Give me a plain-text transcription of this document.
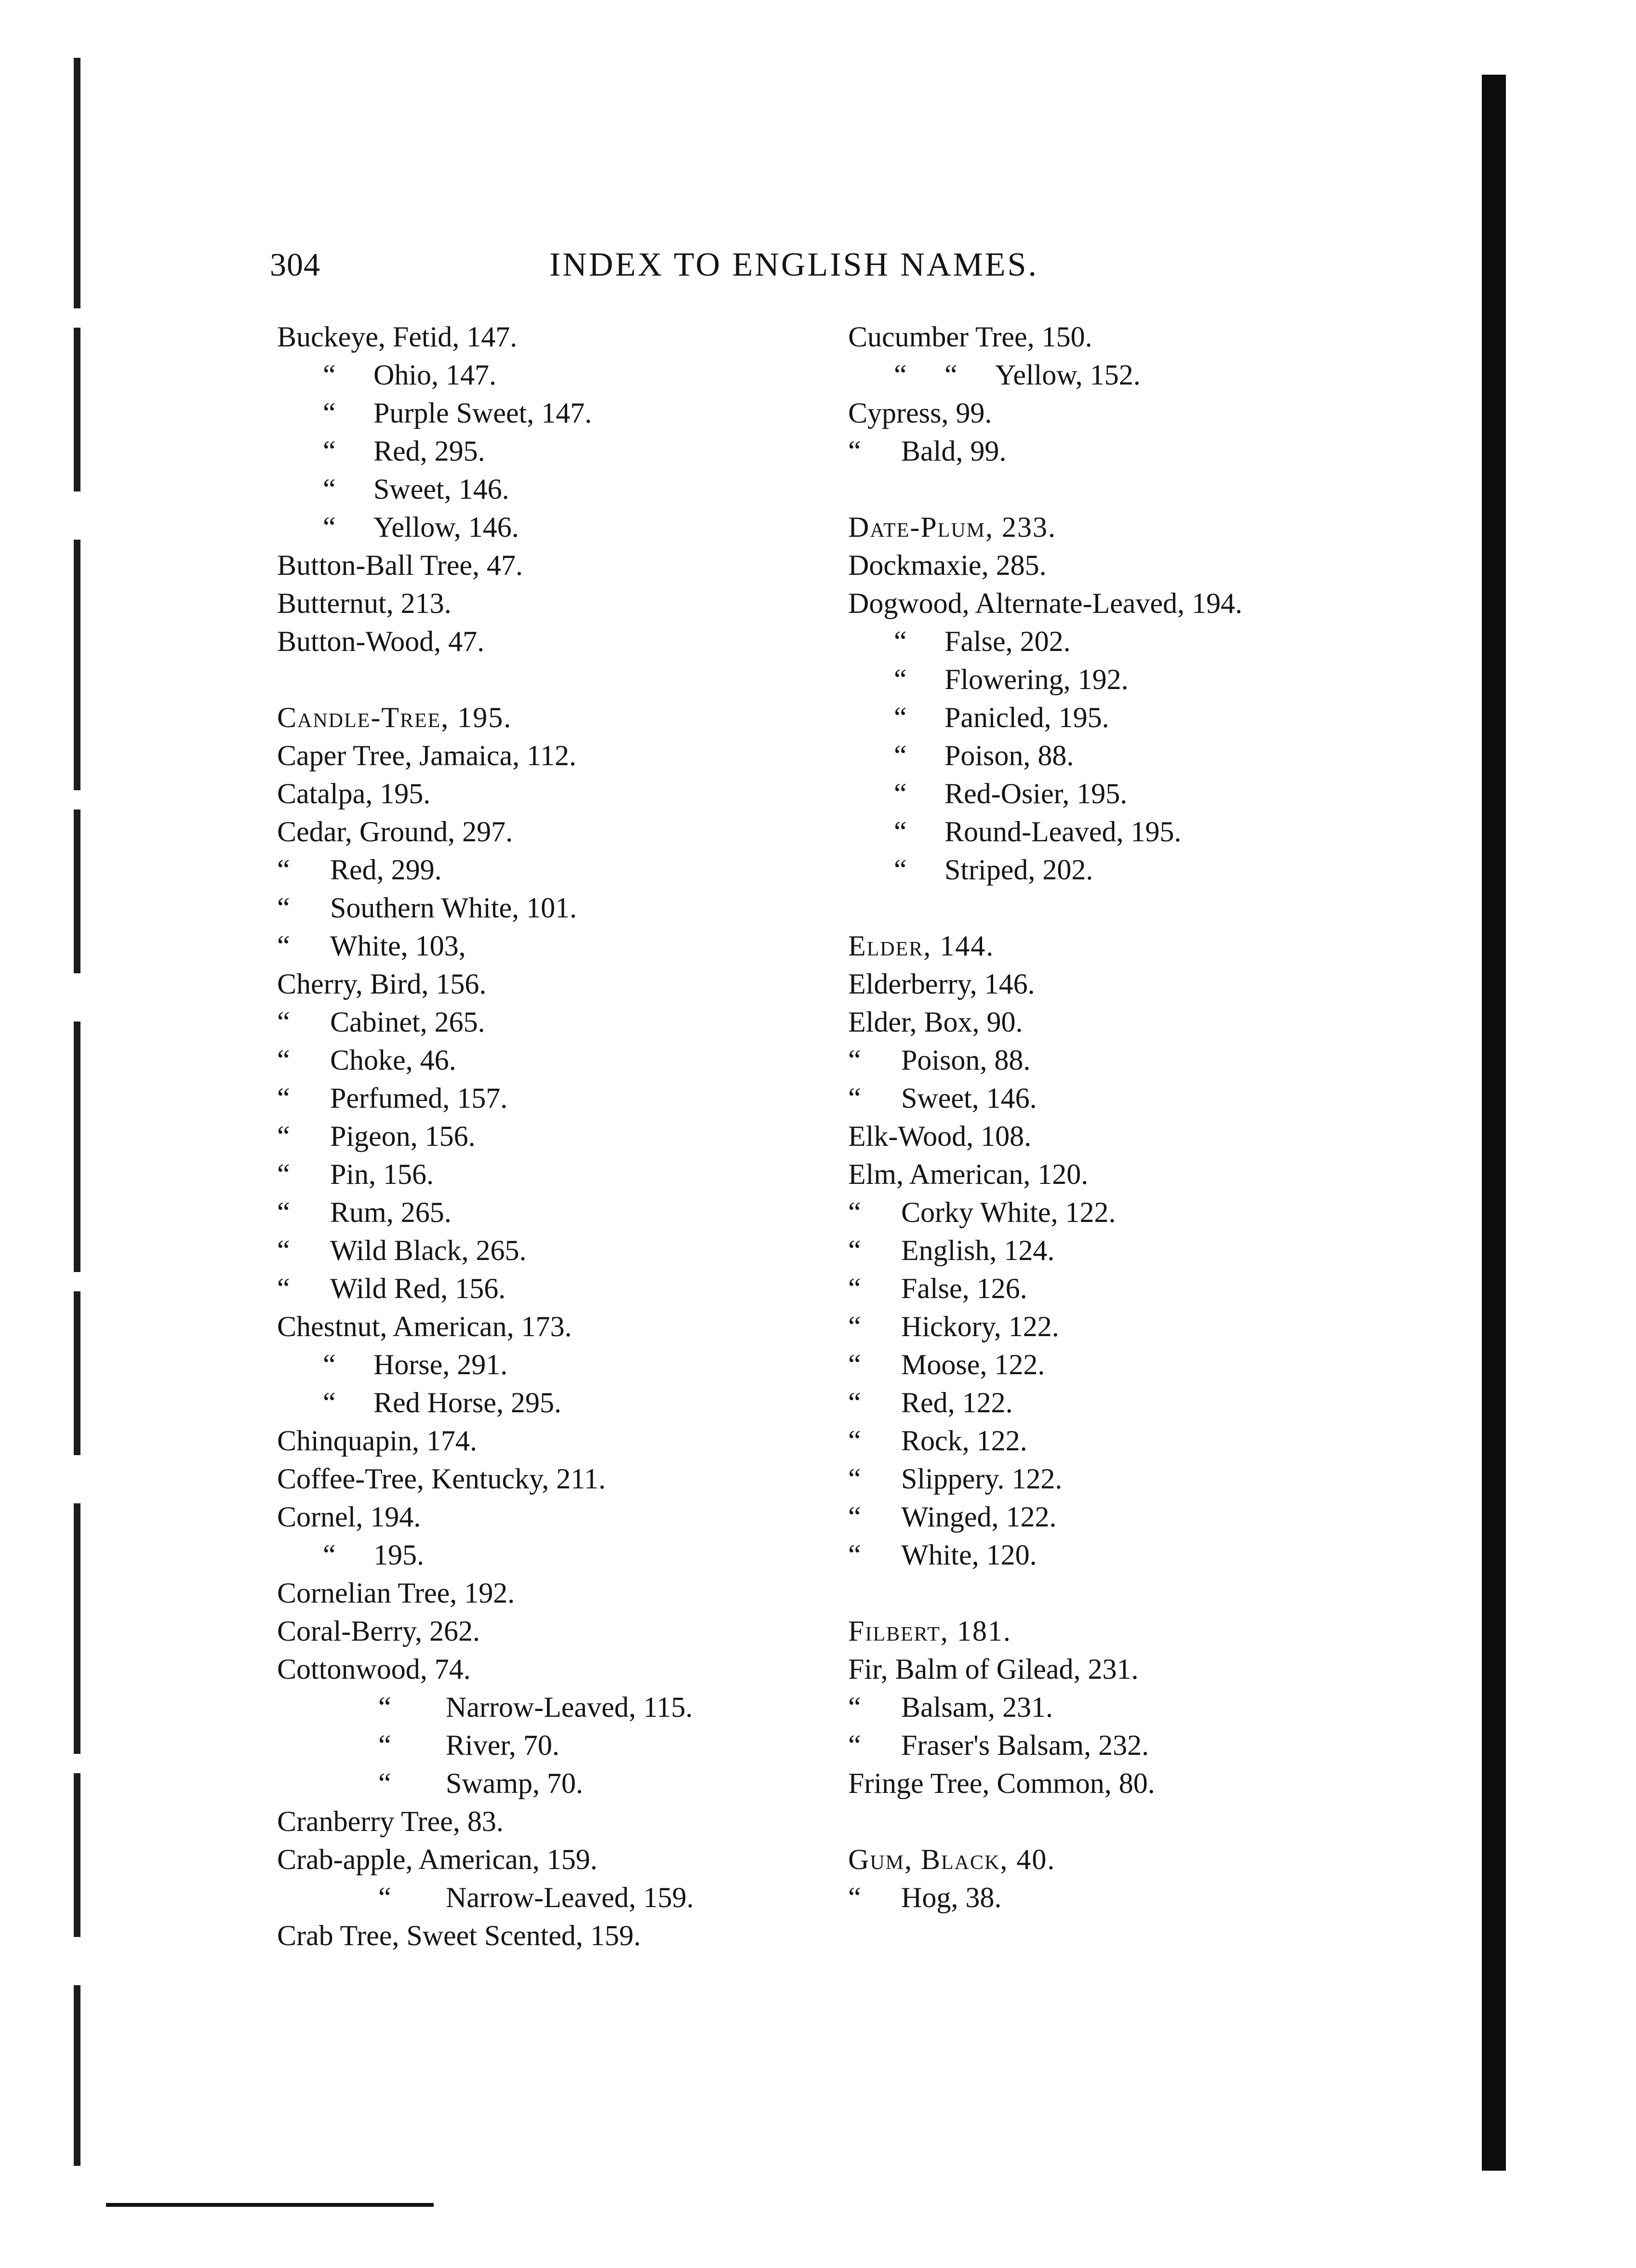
304	INDEX TO ENGLISH NAMES.
Buckeye, Fetid, 147.
“ Ohio, 147.
“ Purple Sweet, 147.
“ Red, 295.
“ Sweet, 146.
“ Yellow, 146.
Button-Ball Tree, 47.
Butternut, 213.
Button-Wood, 47.
Candle-Tree, 195.
Caper Tree, Jamaica, 112.
Catalpa, 195.
Cedar, Ground, 297.
“ Red, 299.
“ Southern White, 101.
“ White, 103,
Cherry, Bird, 156.
“ Cabinet, 265.
“ Choke, 46.
“ Perfumed, 157.
“ Pigeon, 156.
“ Pin, 156.
“ Rum, 265.
“ Wild Black, 265.
“ Wild Red, 156.
Chestnut, American, 173.
“ Horse, 291.
“ Red Horse, 295.
Chinquapin, 174.
Coffee-Tree, Kentucky, 211.
Cornel, 194.
“ 195.
Cornelian Tree, 192.
Coral-Berry, 262.
Cottonwood, 74.
“ Narrow-Leaved, 115.
“ River, 70.
“ Swamp, 70.
Cranberry Tree, 83.
Crab-apple, American, 159.
“ Narrow-Leaved, 159.
Crab Tree, Sweet Scented, 159.
Cucumber Tree, 150.
“ “ Yellow, 152.
Cypress, 99.
“ Bald, 99.
Date-Plum, 233.
Dockmaxie, 285.
Dogwood, Alternate-Leaved, 194.
“ False, 202.
“ Flowering, 192.
“ Panicled, 195.
“ Poison, 88.
“ Red-Osier, 195.
“ Round-Leaved, 195.
“ Striped, 202.
Elder, 144.
Elderberry, 146.
Elder, Box, 90.
“ Poison, 88.
“ Sweet, 146.
Elk-Wood, 108.
Elm, American, 120.
“ Corky White, 122.
“ English, 124.
“ False, 126.
“ Hickory, 122.
“ Moose, 122.
“ Red, 122.
“ Rock, 122.
“ Slippery. 122.
“ Winged, 122.
“ White, 120.
Filbert, 181.
Fir, Balm of Gilead, 231.
“ Balsam, 231.
“ Fraser's Balsam, 232.
Fringe Tree, Common, 80.
Gum, Black, 40.
“ Hog, 38.
